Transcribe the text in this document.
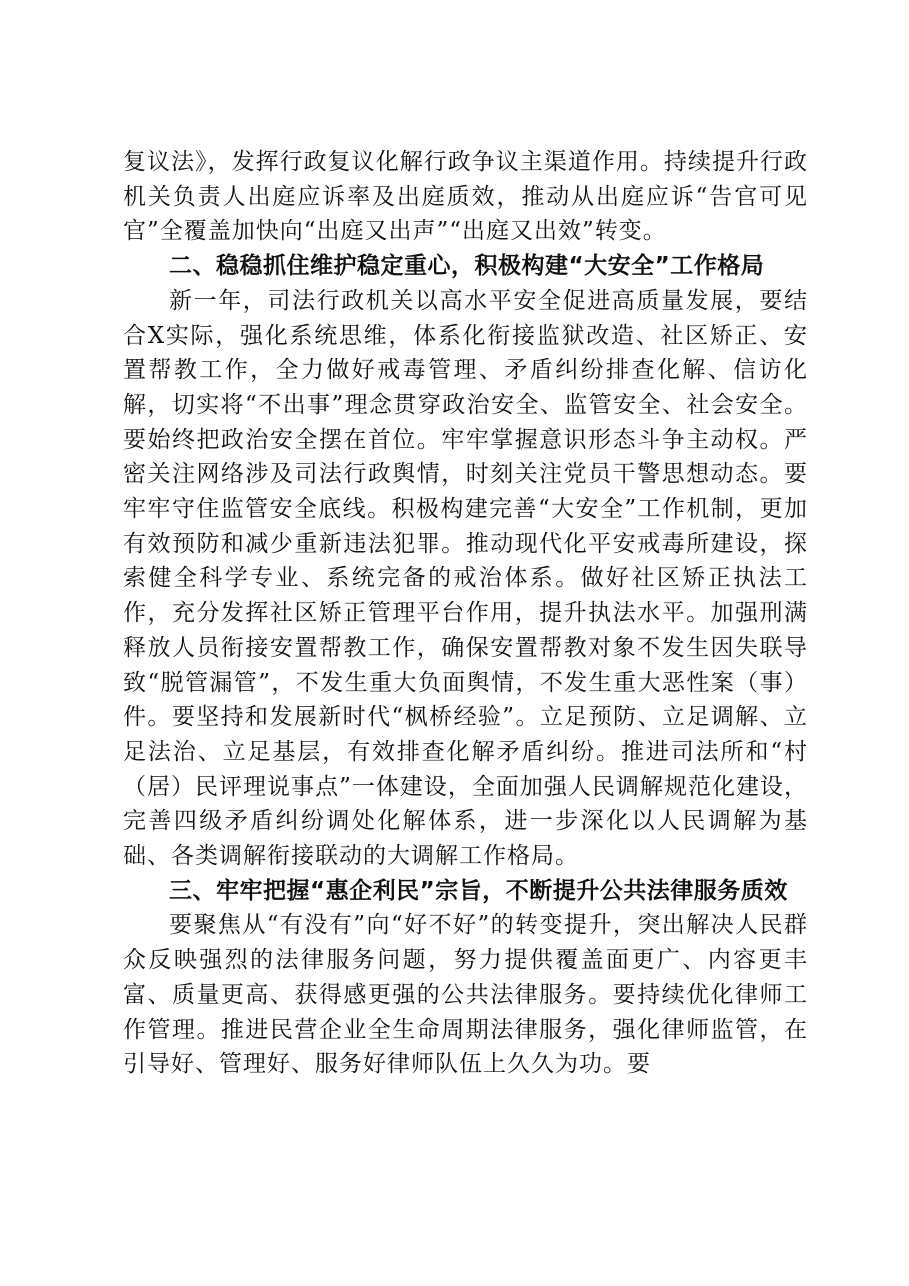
复议法》，发挥行政复议化解行政争议主渠道作用。持续提升行政机关负责人出庭应诉率及出庭质效，推动从出庭应诉“告官可见官”全覆盖加快向“出庭又出声”“出庭又出效”转变。

二、稳稳抓住维护稳定重心，积极构建“大安全”工作格局

新一年，司法行政机关以高水平安全促进高质量发展，要结合X实际，强化系统思维，体系化衔接监狱改造、社区矫正、安置帮教工作，全力做好戒毒管理、矛盾纠纷排查化解、信访化解，切实将“不出事”理念贯穿政治安全、监管安全、社会安全。要始终把政治安全摆在首位。牢牢掌握意识形态斗争主动权。严密关注网络涉及司法行政舆情，时刻关注党员干警思想动态。要牢牢守住监管安全底线。积极构建完善“大安全”工作机制，更加有效预防和减少重新违法犯罪。推动现代化平安戒毒所建设，探索健全科学专业、系统完备的戒治体系。做好社区矫正执法工作，充分发挥社区矫正管理平台作用，提升执法水平。加强刑满释放人员衔接安置帮教工作，确保安置帮教对象不发生因失联导致“脱管漏管”，不发生重大负面舆情，不发生重大恶性案（事）件。要坚持和发展新时代“枫桥经验”。立足预防、立足调解、立足法治、立足基层，有效排查化解矛盾纠纷。推进司法所和“村（居）民评理说事点”一体建设，全面加强人民调解规范化建设，完善四级矛盾纠纷调处化解体系，进一步深化以人民调解为基础、各类调解衔接联动的大调解工作格局。

三、牢牢把握“惠企利民”宗旨，不断提升公共法律服务质效

要聚焦从“有没有”向“好不好”的转变提升，突出解决人民群众反映强烈的法律服务问题，努力提供覆盖面更广、内容更丰富、质量更高、获得感更强的公共法律服务。要持续优化律师工作管理。推进民营企业全生命周期法律服务，强化律师监管，在引导好、管理好、服务好律师队伍上久久为功。要
